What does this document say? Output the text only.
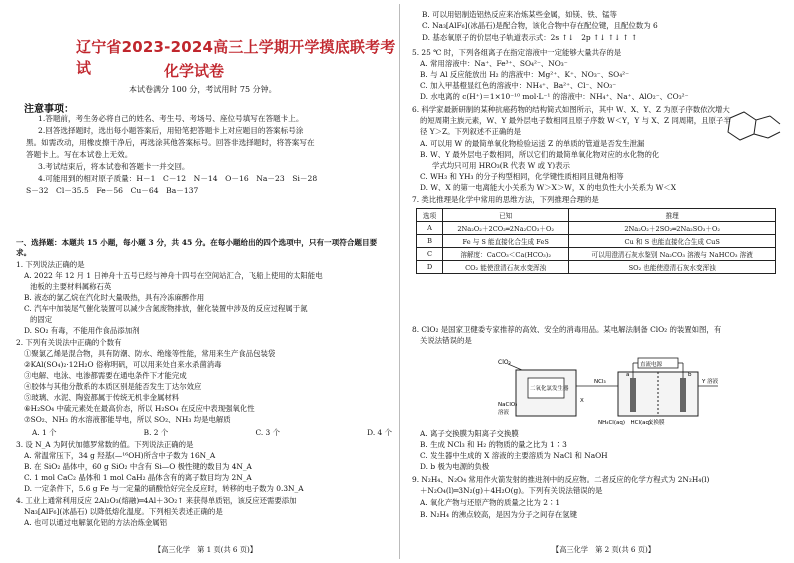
辽宁省2023-2024高三上学期开学摸底联考考试	化学试卷
本试卷满分 100 分，考试用时 75 分钟。
注意事项：
1.答题前，考生务必将自己的姓名、考生号、考场号、座位号填写在答题卡上。
2.回答选择题时，选出每小题答案后，用铅笔把答题卡上对应题目的答案标号涂
黑。如需改动，用橡皮擦干净后，再选涂其他答案标号。回答非选择题时，将答案写在
答题卡上。写在本试卷上无效。
3.考试结束后，将本试卷和答题卡一并交回。
4.可能用到的相对原子质量：H－1　C－12　N－14　O－16　Na－23　Si－28
S－32　Cl－35.5　Fe－56　Cu－64　Ba－137
一、选择题：本题共 15 小题，每小题 3 分，共 45 分。在每小题给出的四个选项中，只有一项符合题目要求。
1. 下列说法正确的是
A. 2022 年 12 月 1 日神舟十五号已经与神舟十四号在空间站汇合，飞船上使用的太阳能电
池板的主要材料属称石英
B. 液态的氯乙烷在汽化时大量吸热，具有冷冻麻醉作用
C. 汽车中加装尾气催化装置可以减少含氮废物排放，催化装置中涉及的反应过程属于氮
的固定
D. SO₂ 有毒，不能用作食品添加剂
2. 下列有关说法中正确的个数有
①聚氯乙烯是混合物，具有防潮、防水、绝缘等性能，常用来生产食品包装袋
②KAl(SO₄)₂·12H₂O 俗称明矾，可以用来处自来水杀菌消毒
③电解、电泳、电渗都需要在通电条件下才能完成
④胶体与其他分散系的本质区别是能否发生丁达尔效应
⑤玻璃、水泥、陶瓷都属于传统无机非金属材料
⑥H₂SO₄ 中硫元素处在最高价态，所以 H₂SO₄ 在反应中表现强氧化性
⑦SO₂、NH₃ 的水溶液都能导电，所以 SO₂、NH₃ 均是电解质
A. 1 个	B. 2 个	C. 3 个	D. 4 个
3. 设 N_A 为阿伏加德罗常数的值。下列说法正确的是
A. 常温常压下，34 g 羟基(—¹⁶OH)所含中子数为 16N_A
B. 在 SiO₂ 晶体中，60 g SiO₂ 中含有 Si—O 极性键的数目为 4N_A
C. 1 mol CaC₂ 晶体和 1 mol CaH₂ 晶体含有的离子数目均为 2N_A
D. 一定条件下，5.6 g Fe 与一定量的硝酸恰好完全反应时，转移的电子数为 0.3N_A
4. 工业上通常利用反应 2Al₂O₃(熔融)═4Al＋3O₂↑ 来获得单质铝，该反应还需要添加
Na₃[AlF₆](冰晶石) 以降低熔化温度。下列相关表述正确的是
A. 也可以通过电解氯化铝的方法冶炼金属铝
【高三化学　第 1 页(共 6 页)】
B. 可以用铝制造铝热反应来冶炼某些金属，如镁、铁、锰等
C. Na₃[AlF₆](冰晶石)是配合物，该化合物中存在配位键，且配位数为 6
D. 基态氧原子的价层电子轨道表示式：2s ↑↓　2p ↑↓ ↑↓ ↑ ↑
5. 25 ℃ 时，下列各组离子在指定溶液中一定能够大量共存的是
A. 常用溶液中：Na⁺、Fe³⁺、SO₄²⁻、NO₃⁻
B. 与 Al 反应能放出 H₂ 的溶液中：Mg²⁺、K⁺、NO₃⁻、SO₄²⁻
C. 加入甲基橙显红色的溶液中：NH₄⁺、Ba²⁺、Cl⁻、NO₃⁻
D. 水电离的 c(H⁺)＝1×10⁻¹⁰ mol·L⁻¹ 的溶液中：NH₄⁺、Na⁺、AlO₂⁻、CO₃²⁻
6. 科学家最新研制的某种抗癌药物的结构简式如图所示，其中 W、X、Y、Z 为原子序数依次增大
的短周期主族元素，W、Y 最外层电子数相同且原子序数 W＜Y，Y 与 X、Z 同周期，且原子半
径 Y＞Z。下列叙述不正确的是
A. 可以用 W 的最简单氧化物检验运送 Z 的单质的管道是否发生泄漏
B. W、Y 最外层电子数相同，所以它们的最简单氧化物对应的水化物的化
学式均只可用 HRO₃(R 代表 W 或 Y)表示
C. WH₃ 和 YH₃ 的分子构型相同，化学键性质相同且键角相等
D. W、X 的第一电离能大小关系为 W＞X＞W，X 的电负性大小关系为 W＜X
7. 类比推理是化学中常用的思维方法，下列推理合理的是
选项	已知	推理
A	2Na₂O₂＋2CO₂═2Na₂CO₃＋O₂	2Na₂O₂＋2SO₂═2Na₂SO₃＋O₂
B	Fe 与 S 能直接化合生成 FeS	Cu 和 S 也能直接化合生成 CuS
C	溶解度：CaCO₃＜Ca(HCO₃)₂	可以用澄清石灰水鉴别 Na₂CO₃ 溶液与 NaHCO₃ 溶液
D	CO₂ 能使澄清石灰水变浑浊	SO₂ 也能使澄清石灰水变浑浊
8. ClO₂ 是国家卫健委专家推荐的高效、安全的消毒用品。某电解法制备 ClO₂ 的装置如图，有
关说法错误的是
ClO₂
二氧化氯发生器
NaClO₂
溶液
直流电源
NCl₃	Y 溶液
X
a	b
交换膜
NH₄Cl(aq)　HCl(aq)
A. 离子交换膜为阳离子交换膜
B. 生成 NCl₃ 和 H₂ 的物质的量之比为 1∶3
C. 发生器中生成的 X 溶液的主要溶质为 NaCl 和 NaOH
D. b 极为电源的负极
9. N₂H₄、N₂O₄ 常用作火箭发射的推进剂中的反应物。二者反应的化学方程式为 2N₂H₄(l)
＋N₂O₄(l)═3N₂(g)＋4H₂O(g)。下列有关说法错误的是
A. 氧化产物与还原产物的质量之比为 2∶1
B. N₂H₄ 的沸点较高，是因为分子之间存在氢键
【高三化学　第 2 页(共 6 页)】
